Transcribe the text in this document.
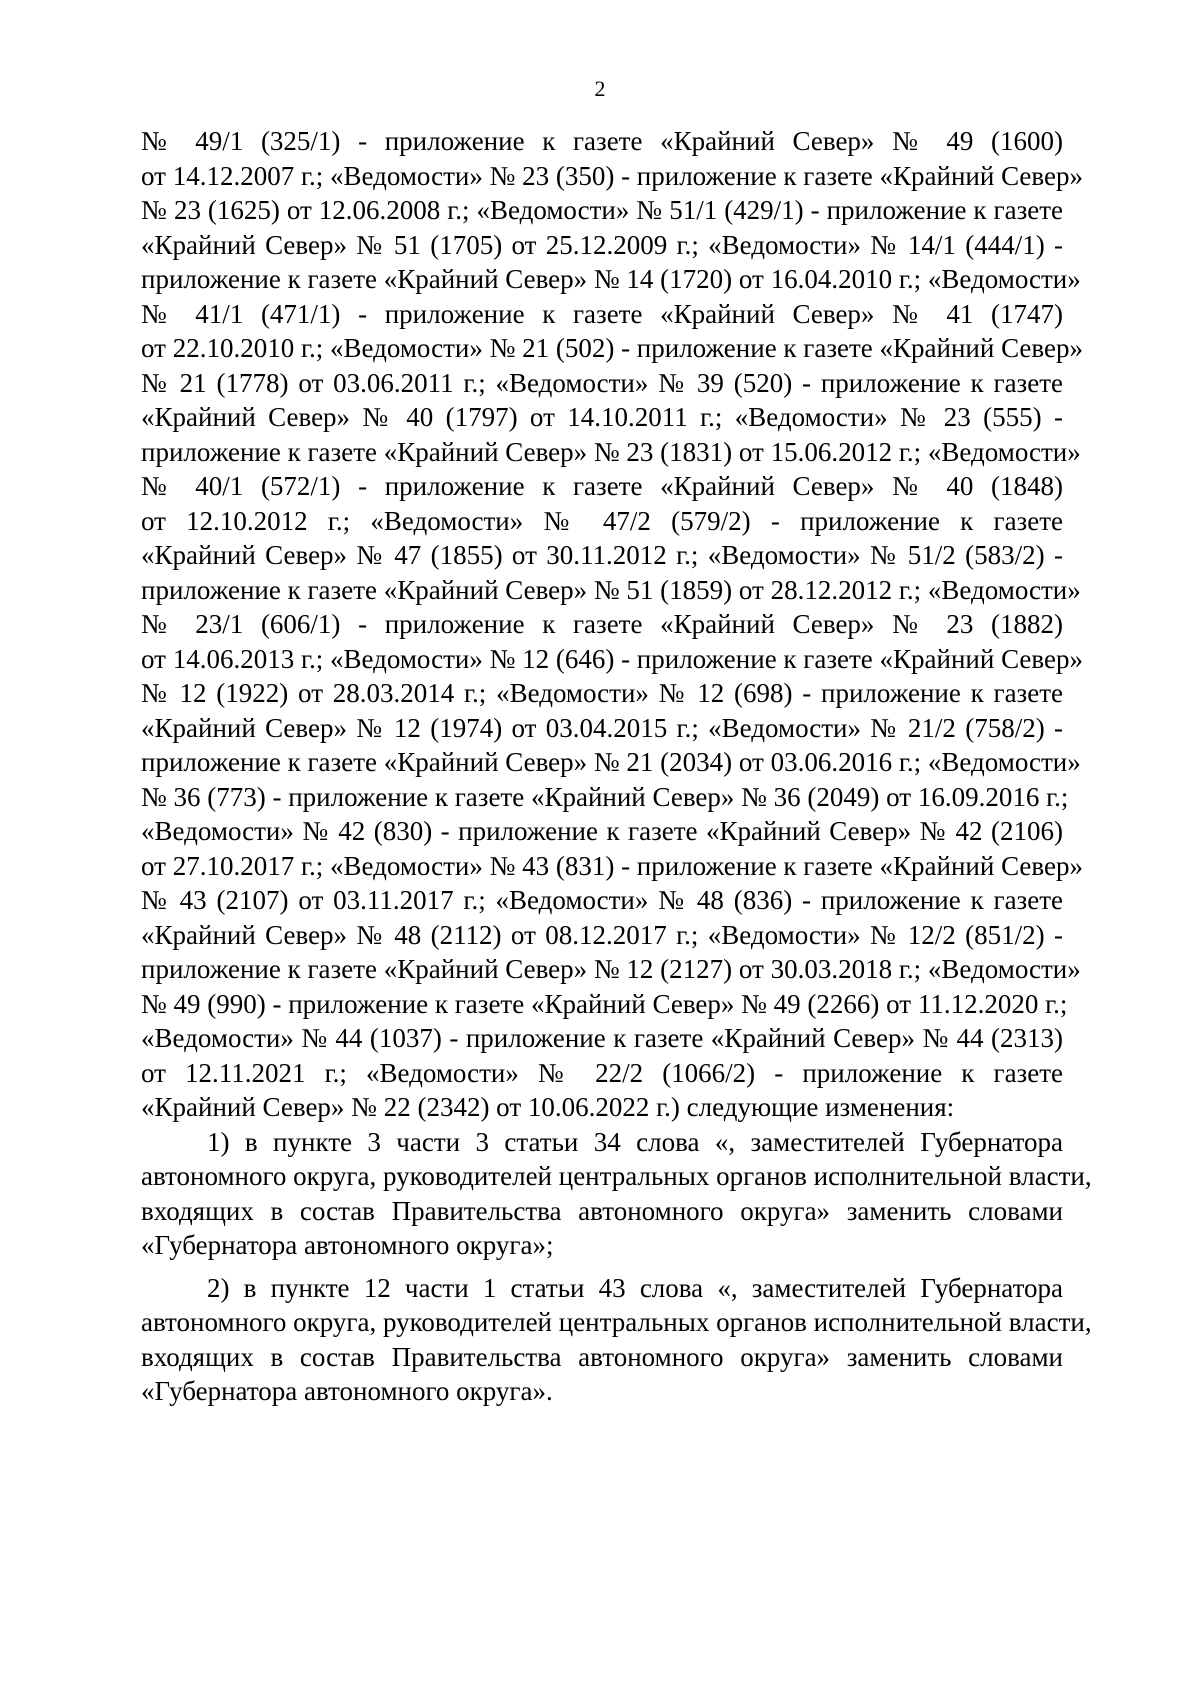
2
№ 49/1 (325/1) - приложение к газете «Крайний Север» № 49 (1600)
от 14.12.2007 г.; «Ведомости» № 23 (350) - приложение к газете «Крайний Север»
№ 23 (1625) от 12.06.2008 г.; «Ведомости» № 51/1 (429/1) - приложение к газете
«Крайний Север» № 51 (1705) от 25.12.2009 г.; «Ведомости» № 14/1 (444/1) -
приложение к газете «Крайний Север» № 14 (1720) от 16.04.2010 г.; «Ведомости»
№ 41/1 (471/1) - приложение к газете «Крайний Север» № 41 (1747)
от 22.10.2010 г.; «Ведомости» № 21 (502) - приложение к газете «Крайний Север»
№ 21 (1778) от 03.06.2011 г.; «Ведомости» № 39 (520) - приложение к газете
«Крайний Север» № 40 (1797) от 14.10.2011 г.; «Ведомости» № 23 (555) -
приложение к газете «Крайний Север» № 23 (1831) от 15.06.2012 г.; «Ведомости»
№ 40/1 (572/1) - приложение к газете «Крайний Север» № 40 (1848)
от 12.10.2012 г.; «Ведомости» № 47/2 (579/2) - приложение к газете
«Крайний Север» № 47 (1855) от 30.11.2012 г.; «Ведомости» № 51/2 (583/2) -
приложение к газете «Крайний Север» № 51 (1859) от 28.12.2012 г.; «Ведомости»
№ 23/1 (606/1) - приложение к газете «Крайний Север» № 23 (1882)
от 14.06.2013 г.; «Ведомости» № 12 (646) - приложение к газете «Крайний Север»
№ 12 (1922) от 28.03.2014 г.; «Ведомости» № 12 (698) - приложение к газете
«Крайний Север» № 12 (1974) от 03.04.2015 г.; «Ведомости» № 21/2 (758/2) -
приложение к газете «Крайний Север» № 21 (2034) от 03.06.2016 г.; «Ведомости»
№ 36 (773) - приложение к газете «Крайний Север» № 36 (2049) от 16.09.2016 г.;
«Ведомости» № 42 (830) - приложение к газете «Крайний Север» № 42 (2106)
от 27.10.2017 г.; «Ведомости» № 43 (831) - приложение к газете «Крайний Север»
№ 43 (2107) от 03.11.2017 г.; «Ведомости» № 48 (836) - приложение к газете
«Крайний Север» № 48 (2112) от 08.12.2017 г.; «Ведомости» № 12/2 (851/2) -
приложение к газете «Крайний Север» № 12 (2127) от 30.03.2018 г.; «Ведомости»
№ 49 (990) - приложение к газете «Крайний Север» № 49 (2266) от 11.12.2020 г.;
«Ведомости» № 44 (1037) - приложение к газете «Крайний Север» № 44 (2313)
от 12.11.2021 г.; «Ведомости» № 22/2 (1066/2) - приложение к газете
«Крайний Север» № 22 (2342) от 10.06.2022 г.) следующие изменения:
1) в пункте 3 части 3 статьи 34 слова «, заместителей Губернатора
автономного округа, руководителей центральных органов исполнительной власти,
входящих в состав Правительства автономного округа» заменить словами
«Губернатора автономного округа»;
2) в пункте 12 части 1 статьи 43 слова «, заместителей Губернатора
автономного округа, руководителей центральных органов исполнительной власти,
входящих в состав Правительства автономного округа» заменить словами
«Губернатора автономного округа».
